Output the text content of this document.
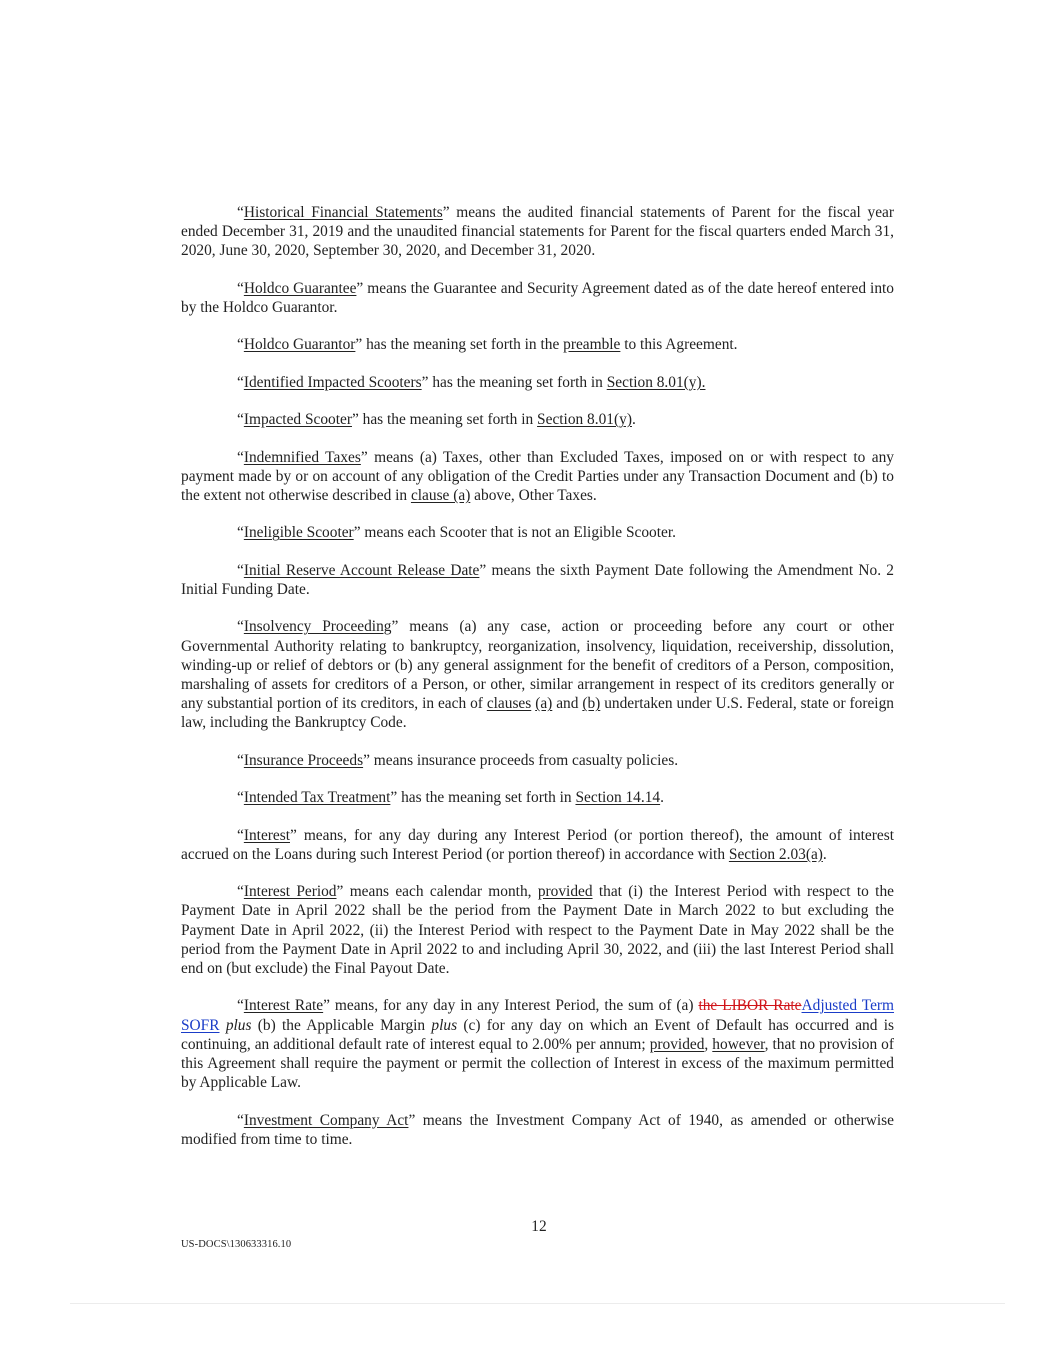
“Historical Financial Statements” means the audited financial statements of Parent for the fiscal year ended December 31, 2019 and the unaudited financial statements for Parent for the fiscal quarters ended March 31, 2020, June 30, 2020, September 30, 2020, and December 31, 2020.

“Holdco Guarantee” means the Guarantee and Security Agreement dated as of the date hereof entered into by the Holdco Guarantor.

“Holdco Guarantor” has the meaning set forth in the preamble to this Agreement.

“Identified Impacted Scooters” has the meaning set forth in Section 8.01(y).

“Impacted Scooter” has the meaning set forth in Section 8.01(y).

“Indemnified Taxes” means (a) Taxes, other than Excluded Taxes, imposed on or with respect to any payment made by or on account of any obligation of the Credit Parties under any Transaction Document and (b) to the extent not otherwise described in clause (a) above, Other Taxes.

“Ineligible Scooter” means each Scooter that is not an Eligible Scooter.

“Initial Reserve Account Release Date” means the sixth Payment Date following the Amendment No. 2 Initial Funding Date.

“Insolvency Proceeding” means (a) any case, action or proceeding before any court or other Governmental Authority relating to bankruptcy, reorganization, insolvency, liquidation, receivership, dissolution, winding-up or relief of debtors or (b) any general assignment for the benefit of creditors of a Person, composition, marshaling of assets for creditors of a Person, or other, similar arrangement in respect of its creditors generally or any substantial portion of its creditors, in each of clauses (a) and (b) undertaken under U.S. Federal, state or foreign law, including the Bankruptcy Code.

“Insurance Proceeds” means insurance proceeds from casualty policies.

“Intended Tax Treatment” has the meaning set forth in Section 14.14.

“Interest” means, for any day during any Interest Period (or portion thereof), the amount of interest accrued on the Loans during such Interest Period (or portion thereof) in accordance with Section 2.03(a).

“Interest Period” means each calendar month, provided that (i) the Interest Period with respect to the Payment Date in April 2022 shall be the period from the Payment Date in March 2022 to but excluding the Payment Date in April 2022, (ii) the Interest Period with respect to the Payment Date in May 2022 shall be the period from the Payment Date in April 2022 to and including April 30, 2022, and (iii) the last Interest Period shall end on (but exclude) the Final Payout Date.

“Interest Rate” means, for any day in any Interest Period, the sum of (a) the LIBOR RateAdjusted Term SOFR plus (b) the Applicable Margin plus (c) for any day on which an Event of Default has occurred and is continuing, an additional default rate of interest equal to 2.00% per annum; provided, however, that no provision of this Agreement shall require the payment or permit the collection of Interest in excess of the maximum permitted by Applicable Law.

“Investment Company Act” means the Investment Company Act of 1940, as amended or otherwise modified from time to time.

12
US-DOCS\130633316.10
